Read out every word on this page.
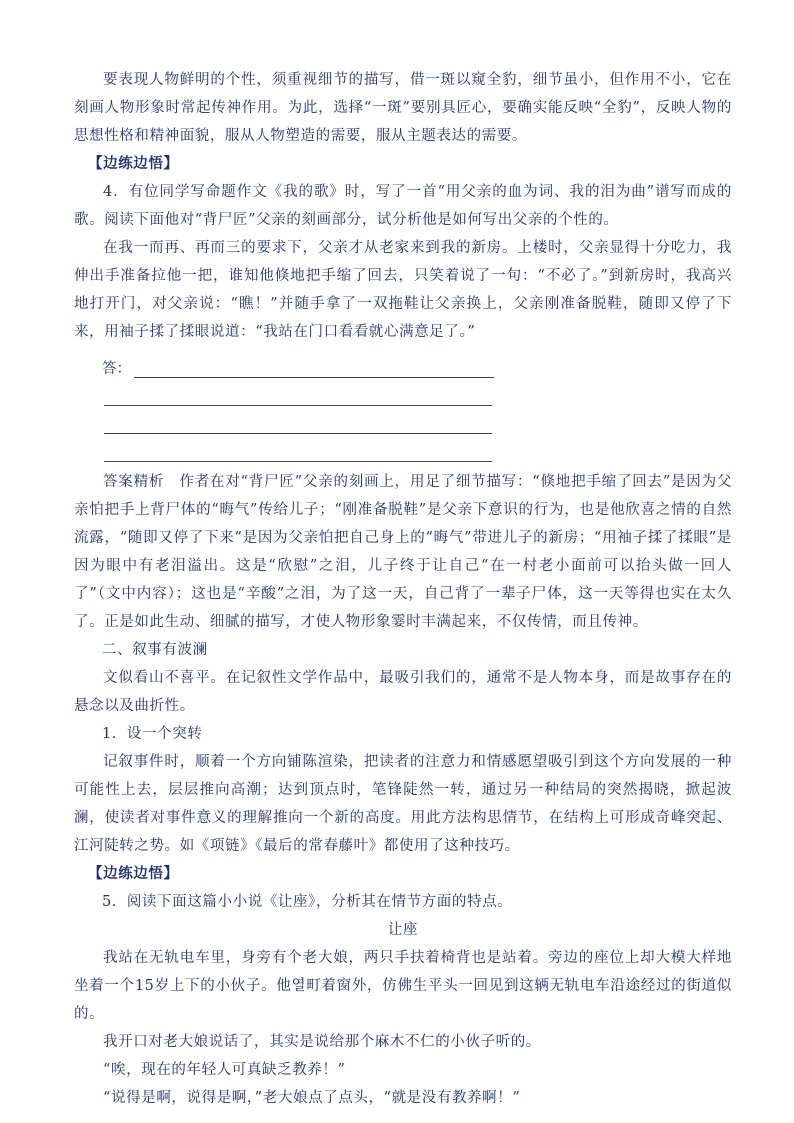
要表现人物鲜明的个性，须重视细节的描写，借一斑以窥全豹，细节虽小，但作用不小，它在刻画人物形象时常起传神作用。为此，选择“一斑”要别具匠心，要确实能反映“全豹”，反映人物的思想性格和精神面貌，服从人物塑造的需要，服从主题表达的需要。

【边练边悟】

4．有位同学写命题作文《我的歌》时，写了一首“用父亲的血为词、我的泪为曲”谱写而成的歌。阅读下面他对“背尸匠”父亲的刻画部分，试分析他是如何写出父亲的个性的。

在我一而再、再而三的要求下，父亲才从老家来到我的新房。上楼时，父亲显得十分吃力，我伸出手准备拉他一把，谁知他倏地把手缩了回去，只笑着说了一句：“不必了。”到新房时，我高兴地打开门，对父亲说：“瞧！”并随手拿了一双拖鞋让父亲换上，父亲刚准备脱鞋，随即又停了下来，用袖子揉了揉眼说道：“我站在门口看看就心满意足了。”

答：

答案精析　作者在对“背尸匠”父亲的刻画上，用足了细节描写：“倏地把手缩了回去”是因为父亲怕把手上背尸体的“晦气”传给儿子；“刚准备脱鞋”是父亲下意识的行为，也是他欣喜之情的自然流露，“随即又停了下来”是因为父亲怕把自己身上的“晦气”带进儿子的新房；“用袖子揉了揉眼”是因为眼中有老泪溢出。这是“欣慰”之泪，儿子终于让自己“在一村老小面前可以抬头做一回人了”（文中内容）；这也是“辛酸”之泪，为了这一天，自己背了一辈子尸体，这一天等得也实在太久了。正是如此生动、细腻的描写，才使人物形象霎时丰满起来，不仅传情，而且传神。

二、叙事有波澜

文似看山不喜平。在记叙性文学作品中，最吸引我们的，通常不是人物本身，而是故事存在的悬念以及曲折性。

1．设一个突转

记叙事件时，顺着一个方向铺陈渲染，把读者的注意力和情感愿望吸引到这个方向发展的一种可能性上去，层层推向高潮；达到顶点时，笔锋陡然一转，通过另一种结局的突然揭晓，掀起波澜，使读者对事件意义的理解推向一个新的高度。用此方法构思情节，在结构上可形成奇峰突起、江河陡转之势。如《项链》《最后的常春藤叶》都使用了这种技巧。

【边练边悟】

5．阅读下面这篇小小说《让座》，分析其在情节方面的特点。

让座

我站在无轨电车里，身旁有个老大娘，两只手扶着椅背也是站着。旁边的座位上却大模大样地坐着一个15岁上下的小伙子。他열町着窗外，仿佛生平头一回见到这辆无轨电车沿途经过的街道似的。

我开口对老大娘说话了，其实是说给那个麻木不仁的小伙子听的。

“唉，现在的年轻人可真缺乏教养！”

“说得是啊，说得是啊，”老大娘点了点头，“就是没有教养啊！”
